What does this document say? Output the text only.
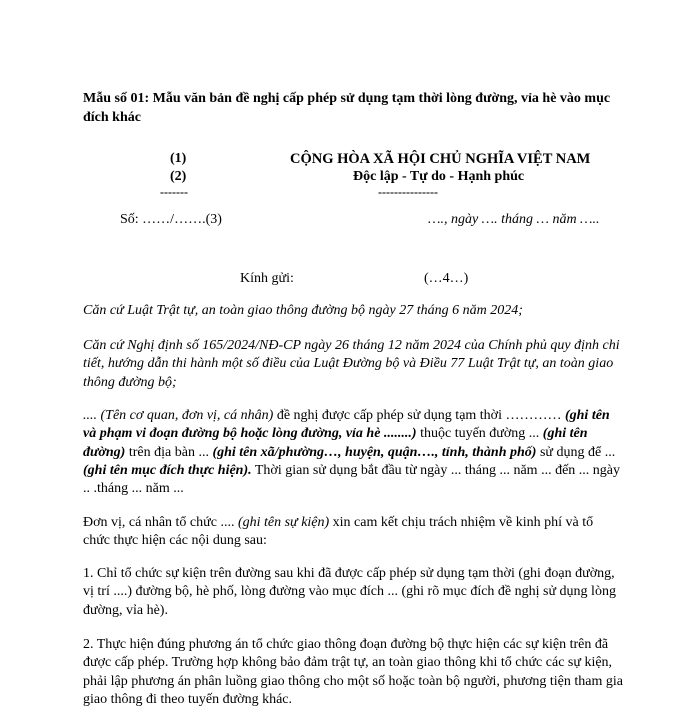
Mẫu số 01: Mẫu văn bản đề nghị cấp phép sử dụng tạm thời lòng đường, vỉa hè vào mục đích khác
(1)
(2)
-------
CỘNG HÒA XÃ HỘI CHỦ NGHĨA VIỆT NAM
Độc lập - Tự do - Hạnh phúc
---------------
Số: ……/…….(3)	…., ngày …. tháng … năm …..
Kính gửi:	(…4…)

Căn cứ Luật Trật tự, an toàn giao thông đường bộ ngày 27 tháng 6 năm 2024;

Căn cứ Nghị định số 165/2024/NĐ-CP ngày 26 tháng 12 năm 2024 của Chính phủ quy định chi tiết, hướng dẫn thi hành một số điều của Luật Đường bộ và Điều 77 Luật Trật tự, an toàn giao thông đường bộ;

.... (Tên cơ quan, đơn vị, cá nhân) đề nghị được cấp phép sử dụng tạm thời ………… (ghi tên và phạm vi đoạn đường bộ hoặc lòng đường, vỉa hè ........) thuộc tuyến đường ... (ghi tên đường) trên địa bàn ... (ghi tên xã/phường…, huyện, quận…., tỉnh, thành phố) sử dụng để ... (ghi tên mục đích thực hiện). Thời gian sử dụng bắt đầu từ ngày ... tháng ... năm ... đến ... ngày .. .tháng ... năm ...

Đơn vị, cá nhân tổ chức .... (ghi tên sự kiện) xin cam kết chịu trách nhiệm về kinh phí và tổ chức thực hiện các nội dung sau:

1. Chỉ tổ chức sự kiện trên đường sau khi đã được cấp phép sử dụng tạm thời (ghi đoạn đường, vị trí ....) đường bộ, hè phố, lòng đường vào mục đích ... (ghi rõ mục đích đề nghị sử dụng lòng đường, vỉa hè).

2. Thực hiện đúng phương án tổ chức giao thông đoạn đường bộ thực hiện các sự kiện trên đã được cấp phép. Trường hợp không bảo đảm trật tự, an toàn giao thông khi tổ chức các sự kiện, phải lập phương án phân luồng giao thông cho một số hoặc toàn bộ người, phương tiện tham gia giao thông đi theo tuyến đường khác.
